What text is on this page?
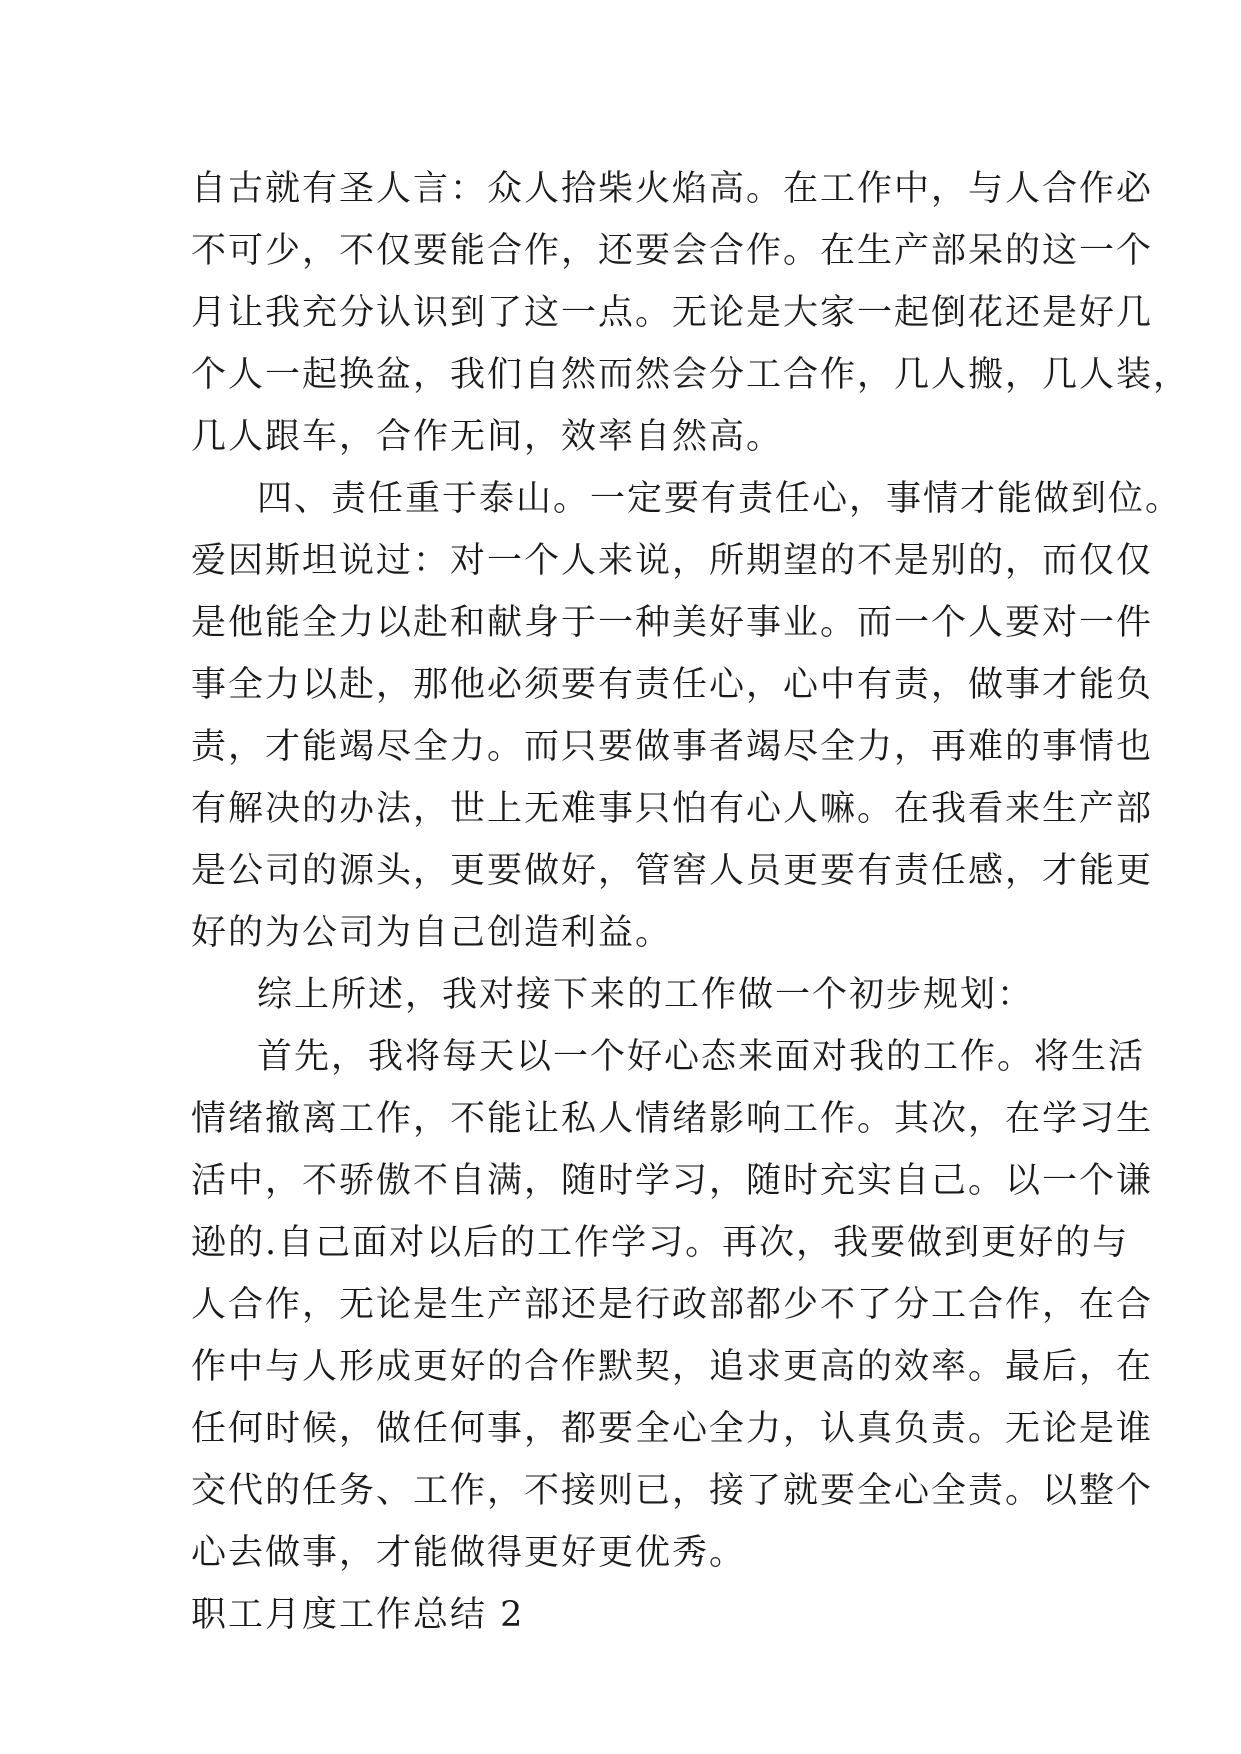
自古就有圣人言：众人拾柴火焰高。在工作中，与人合作必
不可少，不仅要能合作，还要会合作。在生产部呆的这一个
月让我充分认识到了这一点。无论是大家一起倒花还是好几
个人一起换盆，我们自然而然会分工合作，几人搬，几人装，
几人跟车，合作无间，效率自然高。
四、责任重于泰山。一定要有责任心，事情才能做到位。
爱因斯坦说过：对一个人来说，所期望的不是别的，而仅仅
是他能全力以赴和献身于一种美好事业。而一个人要对一件
事全力以赴，那他必须要有责任心，心中有责，做事才能负
责，才能竭尽全力。而只要做事者竭尽全力，再难的事情也
有解决的办法，世上无难事只怕有心人嘛。在我看来生产部
是公司的源头，更要做好，管窖人员更要有责任感，才能更
好的为公司为自己创造利益。
综上所述，我对接下来的工作做一个初步规划：
首先，我将每天以一个好心态来面对我的工作。将生活
情绪撤离工作，不能让私人情绪影响工作。其次，在学习生
活中，不骄傲不自满，随时学习，随时充实自己。以一个谦
逊的.自己面对以后的工作学习。再次，我要做到更好的与
人合作，无论是生产部还是行政部都少不了分工合作，在合
作中与人形成更好的合作默契，追求更高的效率。最后，在
任何时候，做任何事，都要全心全力，认真负责。无论是谁
交代的任务、工作，不接则已，接了就要全心全责。以整个
心去做事，才能做得更好更优秀。
职工月度工作总结 2
